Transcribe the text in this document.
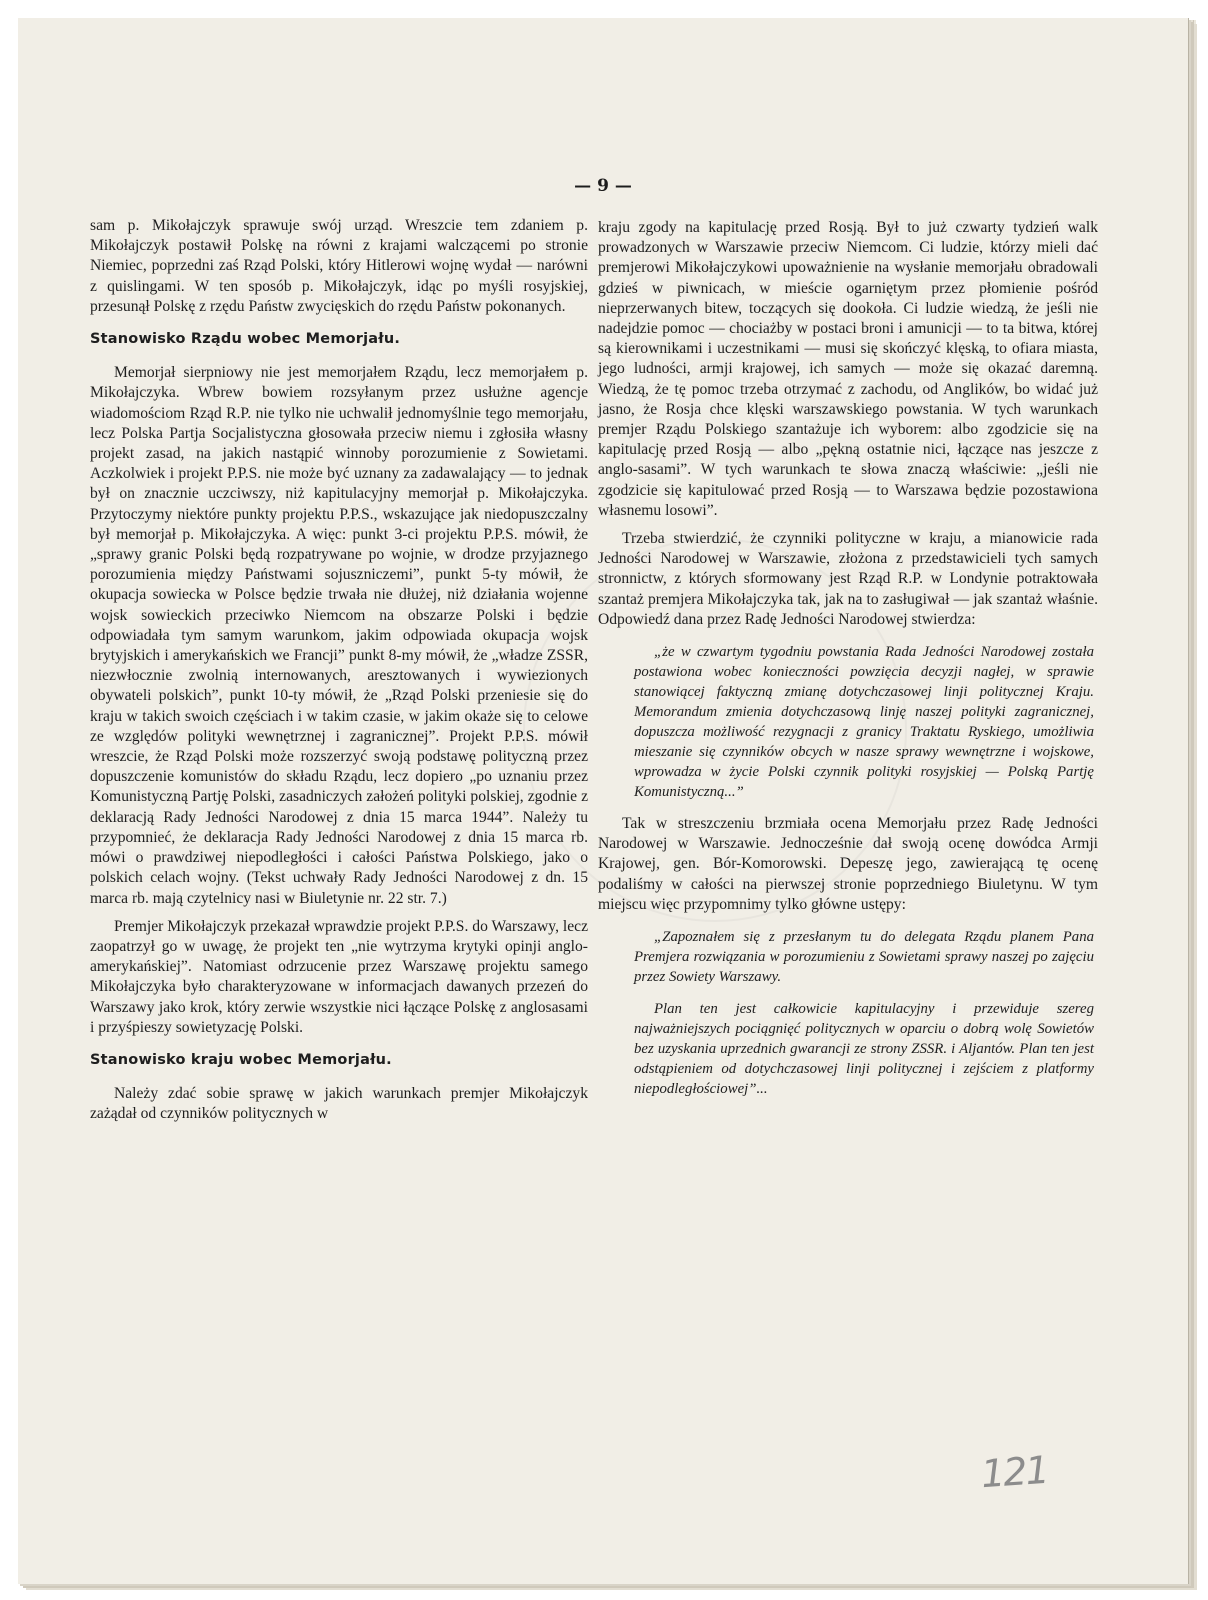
— 9 —

sam p. Mikołajczyk sprawuje swój urząd. Wreszcie tem zdaniem p. Mikołajczyk postawił Polskę na równi z krajami walczącemi po stronie Niemiec, poprzedni zaś Rząd Polski, który Hitlerowi wojnę wydał — narówni z quislingami. W ten sposób p. Mikołajczyk, idąc po myśli rosyjskiej, przesunął Polskę z rzędu Państw zwycięskich do rzędu Państw pokonanych.

Stanowisko Rządu wobec Memorjału.

Memorjał sierpniowy nie jest memorjałem Rządu, lecz memorjałem p. Mikołajczyka. Wbrew bowiem rozsyłanym przez usłużne agencje wiadomościom Rząd R.P. nie tylko nie uchwalił jednomyślnie tego memorjału, lecz Polska Partja Socjalistyczna głosowała przeciw niemu i zgłosiła własny projekt zasad, na jakich nastąpić winnoby porozumienie z Sowietami. Aczkolwiek i projekt P.P.S. nie może być uznany za zadawalający — to jednak był on znacznie uczciwszy, niż kapitulacyjny memorjał p. Mikołajczyka. Przytoczymy niektóre punkty projektu P.P.S., wskazujące jak niedopuszczalny był memorjał p. Mikołajczyka. A więc: punkt 3-ci projektu P.P.S. mówił, że „sprawy granic Polski będą rozpatrywane po wojnie, w drodze przyjaznego porozumienia między Państwami sojuszniczemi”, punkt 5-ty mówił, że okupacja sowiecka w Polsce będzie trwała nie dłużej, niż działania wojenne wojsk sowieckich przeciwko Niemcom na obszarze Polski i będzie odpowiadała tym samym warunkom, jakim odpowiada okupacja wojsk brytyjskich i amerykańskich we Francji” punkt 8-my mówił, że „władze ZSSR, niezwłocznie zwolnią internowanych, aresztowanych i wywiezionych obywateli polskich”, punkt 10-ty mówił, że „Rząd Polski przeniesie się do kraju w takich swoich częściach i w takim czasie, w jakim okaże się to celowe ze względów polityki wewnętrznej i zagranicznej”. Projekt P.P.S. mówił wreszcie, że Rząd Polski może rozszerzyć swoją podstawę polityczną przez dopuszczenie komunistów do składu Rządu, lecz dopiero „po uznaniu przez Komunistyczną Partję Polski, zasadniczych założeń polityki polskiej, zgodnie z deklaracją Rady Jedności Narodowej z dnia 15 marca 1944”. Należy tu przypomnieć, że deklaracja Rady Jedności Narodowej z dnia 15 marca rb. mówi o prawdziwej niepodległości i całości Państwa Polskiego, jako o polskich celach wojny. (Tekst uchwały Rady Jedności Narodowej z dn. 15 marca rb. mają czytelnicy nasi w Biuletynie nr. 22 str. 7.)

Premjer Mikołajczyk przekazał wprawdzie projekt P.P.S. do Warszawy, lecz zaopatrzył go w uwagę, że projekt ten „nie wytrzyma krytyki opinji anglo-amerykańskiej”. Natomiast odrzucenie przez Warszawę projektu samego Mikołajczyka było charakteryzowane w informacjach dawanych przezeń do Warszawy jako krok, który zerwie wszystkie nici łączące Polskę z anglosasami i przyśpieszy sowietyzację Polski.

Stanowisko kraju wobec Memorjału.

Należy zdać sobie sprawę w jakich warunkach premjer Mikołajczyk zażądał od czynników politycznych w

kraju zgody na kapitulację przed Rosją. Był to już czwarty tydzień walk prowadzonych w Warszawie przeciw Niemcom. Ci ludzie, którzy mieli dać premjerowi Mikołajczykowi upoważnienie na wysłanie memorjału obradowali gdzieś w piwnicach, w mieście ogarniętym przez płomienie pośród nieprzerwanych bitew, toczących się dookoła. Ci ludzie wiedzą, że jeśli nie nadejdzie pomoc — chociażby w postaci broni i amunicji — to ta bitwa, której są kierownikami i uczestnikami — musi się skończyć klęską, to ofiara miasta, jego ludności, armji krajowej, ich samych — może się okazać daremną. Wiedzą, że tę pomoc trzeba otrzymać z zachodu, od Anglików, bo widać już jasno, że Rosja chce klęski warszawskiego powstania. W tych warunkach premjer Rządu Polskiego szantażuje ich wyborem: albo zgodzicie się na kapitulację przed Rosją — albo „pękną ostatnie nici, łączące nas jeszcze z anglo-sasami”. W tych warunkach te słowa znaczą właściwie: „jeśli nie zgodzicie się kapitulować przed Rosją — to Warszawa będzie pozostawiona własnemu losowi”.

Trzeba stwierdzić, że czynniki polityczne w kraju, a mianowicie rada Jedności Narodowej w Warszawie, złożona z przedstawicieli tych samych stronnictw, z których sformowany jest Rząd R.P. w Londynie potraktowała szantaż premjera Mikołajczyka tak, jak na to zasługiwał — jak szantaż właśnie. Odpowiedź dana przez Radę Jedności Narodowej stwierdza:

„że w czwartym tygodniu powstania Rada Jedności Narodowej została postawiona wobec konieczności powzięcia decyzji nagłej, w sprawie stanowiącej faktyczną zmianę dotychczasowej linji politycznej Kraju. Memorandum zmienia dotychczasową linję naszej polityki zagranicznej, dopuszcza możliwość rezygnacji z granicy Traktatu Ryskiego, umożliwia mieszanie się czynników obcych w nasze sprawy wewnętrzne i wojskowe, wprowadza w życie Polski czynnik polityki rosyjskiej — Polską Partję Komunistyczną...”

Tak w streszczeniu brzmiała ocena Memorjału przez Radę Jedności Narodowej w Warszawie. Jednocześnie dał swoją ocenę dowódca Armji Krajowej, gen. Bór-Komorowski. Depeszę jego, zawierającą tę ocenę podaliśmy w całości na pierwszej stronie poprzedniego Biuletynu. W tym miejscu więc przypomnimy tylko główne ustępy:

„Zapoznałem się z przesłanym tu do delegata Rządu planem Pana Premjera rozwiązania w porozumieniu z Sowietami sprawy naszej po zajęciu przez Sowiety Warszawy.

Plan ten jest całkowicie kapitulacyjny i przewiduje szereg najważniejszych pociągnięć politycznych w oparciu o dobrą wolę Sowietów bez uzyskania uprzednich gwarancji ze strony ZSSR. i Aljantów. Plan ten jest odstąpieniem od dotychczasowej linji politycznej i zejściem z platformy niepodległościowej”...

121
